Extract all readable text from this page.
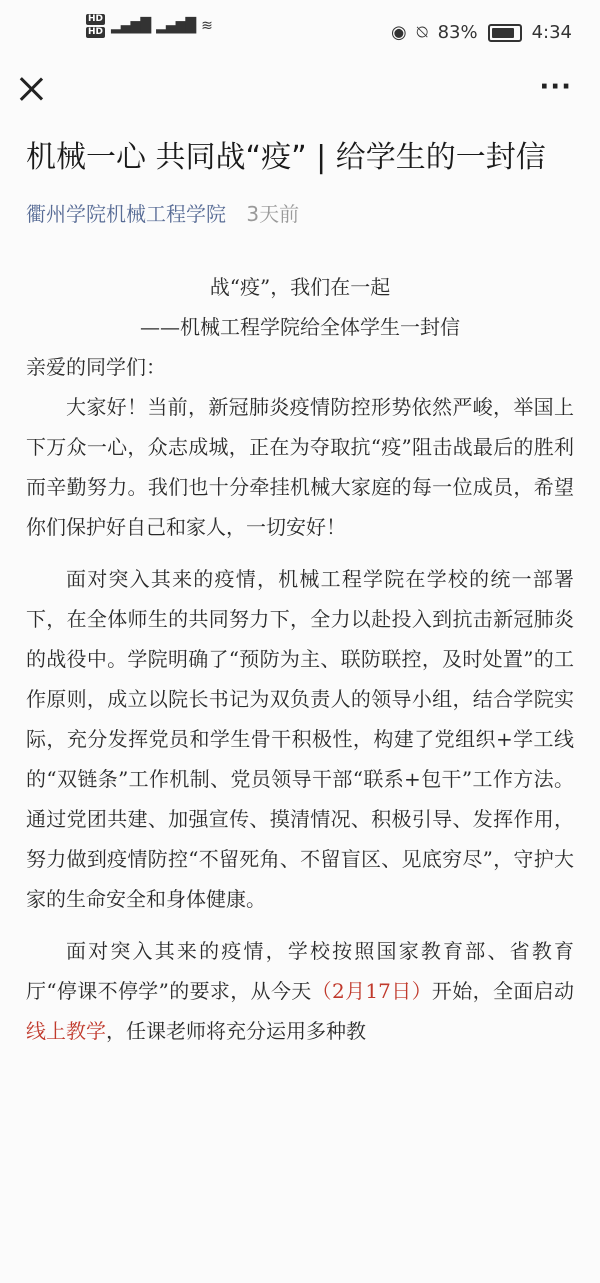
HD
HD ▂▄▆█ ▂▄▆█ ≋	◉ ⍉ 83%	4:34
···
机械一心 共同战“疫” | 给学生的一封信
衢州学院机械工程学院 3天前
战“疫”，我们在一起
——机械工程学院给全体学生一封信

亲爱的同学们：

大家好！当前，新冠肺炎疫情防控形势依然严峻，举国上下万众一心，众志成城，正在为夺取抗“疫”阻击战最后的胜利而辛勤努力。我们也十分牵挂机械大家庭的每一位成员，希望你们保护好自己和家人，一切安好！

面对突入其来的疫情，机械工程学院在学校的统一部署下，在全体师生的共同努力下，全力以赴投入到抗击新冠肺炎的战役中。学院明确了“预防为主、联防联控，及时处置”的工作原则，成立以院长书记为双负责人的领导小组，结合学院实际，充分发挥党员和学生骨干积极性，构建了党组织+学工线的“双链条”工作机制、党员领导干部“联系+包干”工作方法。通过党团共建、加强宣传、摸清情况、积极引导、发挥作用，努力做到疫情防控“不留死角、不留盲区、见底穷尽”，守护大家的生命安全和身体健康。

面对突入其来的疫情，学校按照国家教育部、省教育厅“停课不停学”的要求，从今天（2月17日）开始，全面启动线上教学，任课老师将充分运用多种教
